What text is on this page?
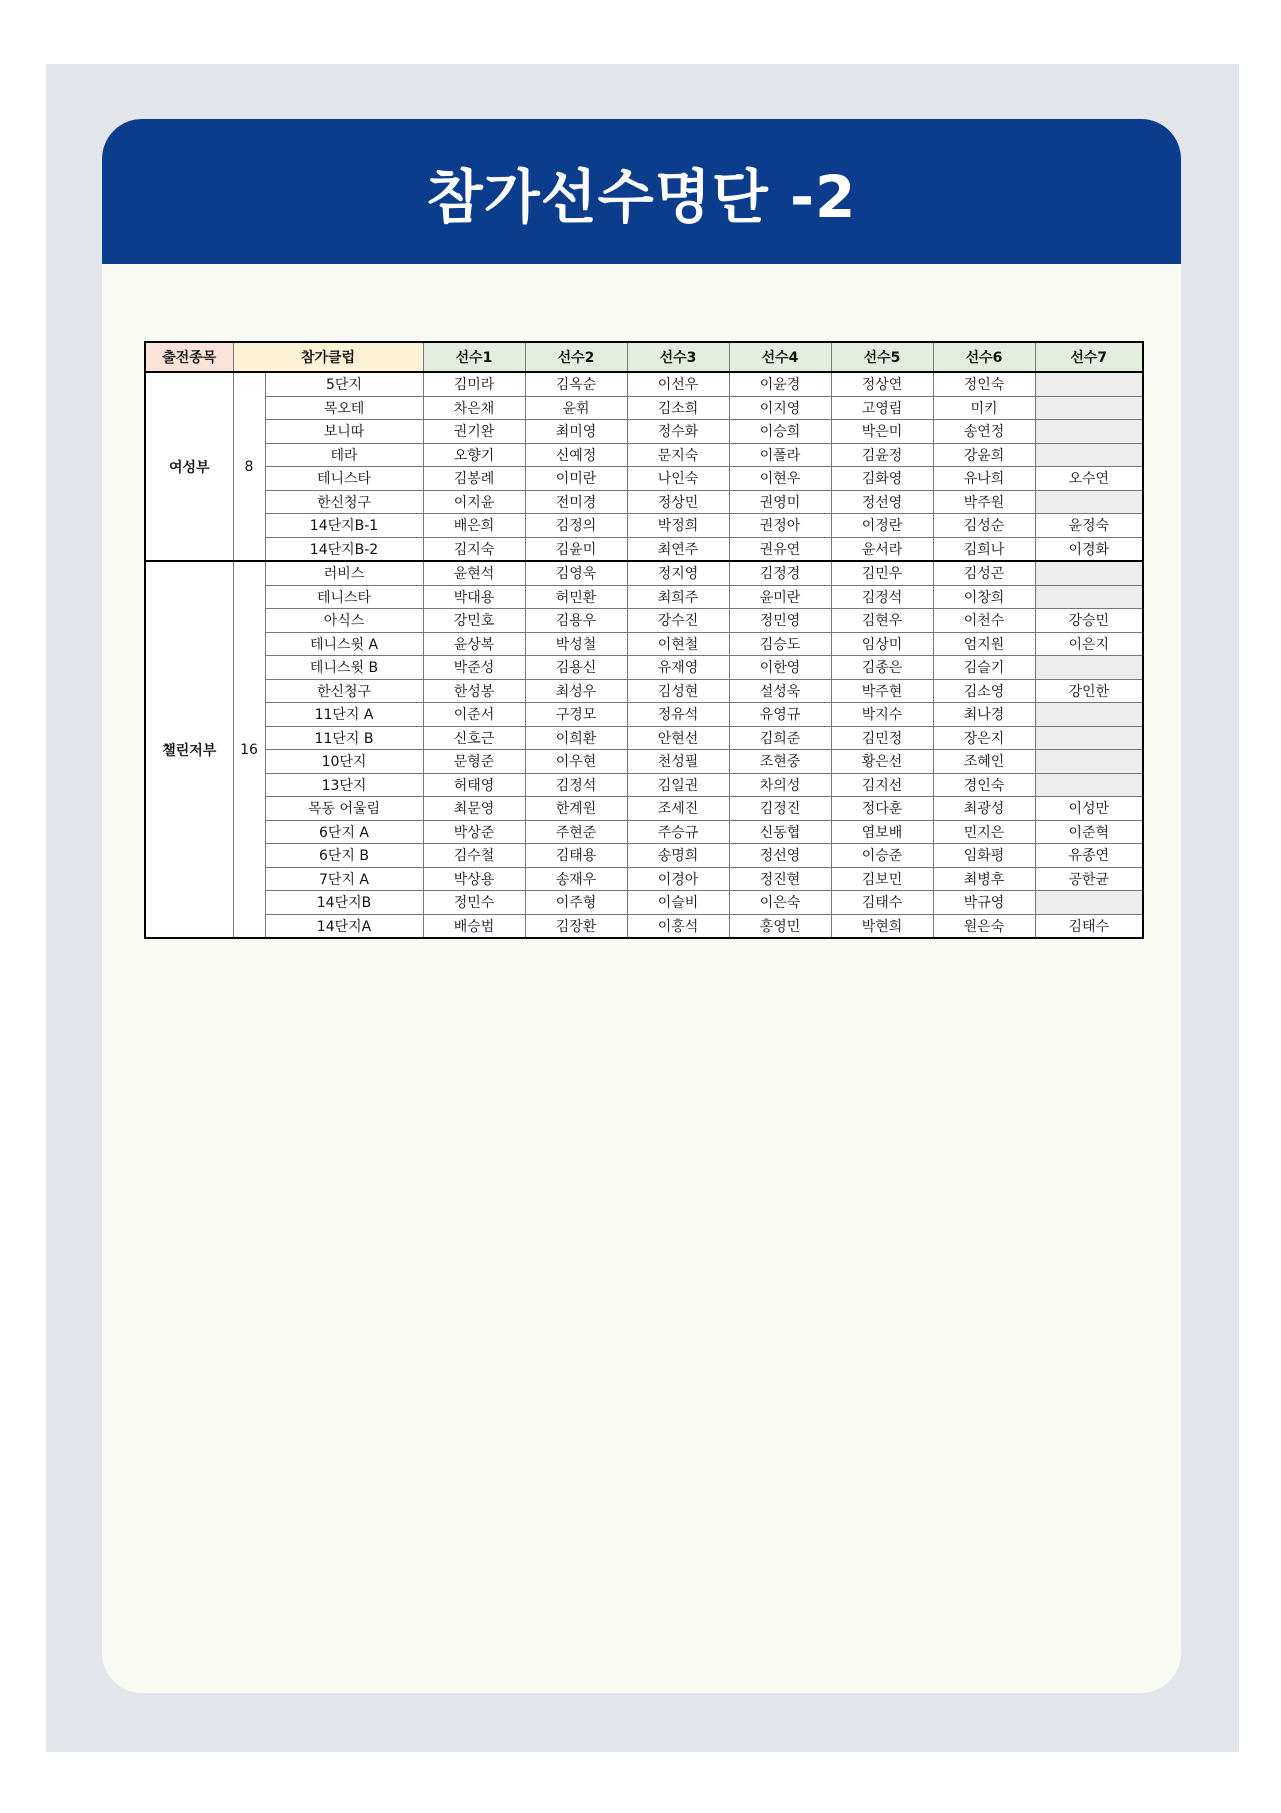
참가선수명단 -2
출전종목	참가클럽		선수1	선수2	선수3	선수4	선수5	선수6	선수7
여성부	8	5단지	김미라	김옥순	이선우	이윤경	정상연	정인숙	
		목오테	차은채	윤휘	김소희	이지영	고영림	미키	
		보니따	권기완	최미영	정수화	이승희	박은미	송연정	
		테라	오향기	신예정	문지숙	이폴라	김윤정	강윤희	
		테니스타	김봉례	이미란	나인숙	이현우	김화영	유나희	오수연
		한신청구	이지윤	전미경	정상민	권영미	정선영	박주원	
		14단지B-1	배은희	김정의	박정희	권정아	이정란	김성순	윤정숙
		14단지B-2	김지숙	김윤미	최연주	권유연	윤서라	김희나	이경화
챌린저부	16	러비스	윤현석	김영욱	정지영	김정경	김민우	김성곤	
		테니스타	박대용	허민환	최희주	윤미란	김정석	이창희	
		아식스	강민호	김용우	강수진	정민영	김현우	이천수	강승민
		테니스윗 A	윤상복	박성철	이현철	김승도	임상미	엄지원	이은지
		테니스윗 B	박준성	김용신	유재영	이한영	김종은	김슬기	
		한신청구	한성봉	최성우	김성현	설성욱	박주현	김소영	강인한
		11단지 A	이준서	구경모	정유석	유영규	박지수	최나경	
		11단지 B	신호근	이희환	안현선	김희준	김민정	장은지	
		10단지	문형준	이우현	천성필	조현중	황은선	조혜인	
		13단지	허태영	김정석	김일권	차의성	김지선	경인숙	
		목동 어울림	최문영	한계원	조세진	김정진	정다훈	최광성	이성만
		6단지 A	박상준	주현준	주승규	신동협	염보배	민지은	이준혁
		6단지 B	김수철	김태용	송명희	정선영	이승준	임화평	유종연
		7단지 A	박상용	송재우	이경아	정진현	김보민	최병후	공한균
		14단지B	정민수	이주형	이슬비	이은숙	김태수	박규영	
		14단지A	배승범	김장환	이홍석	홍영민	박현희	원은숙	김태수
